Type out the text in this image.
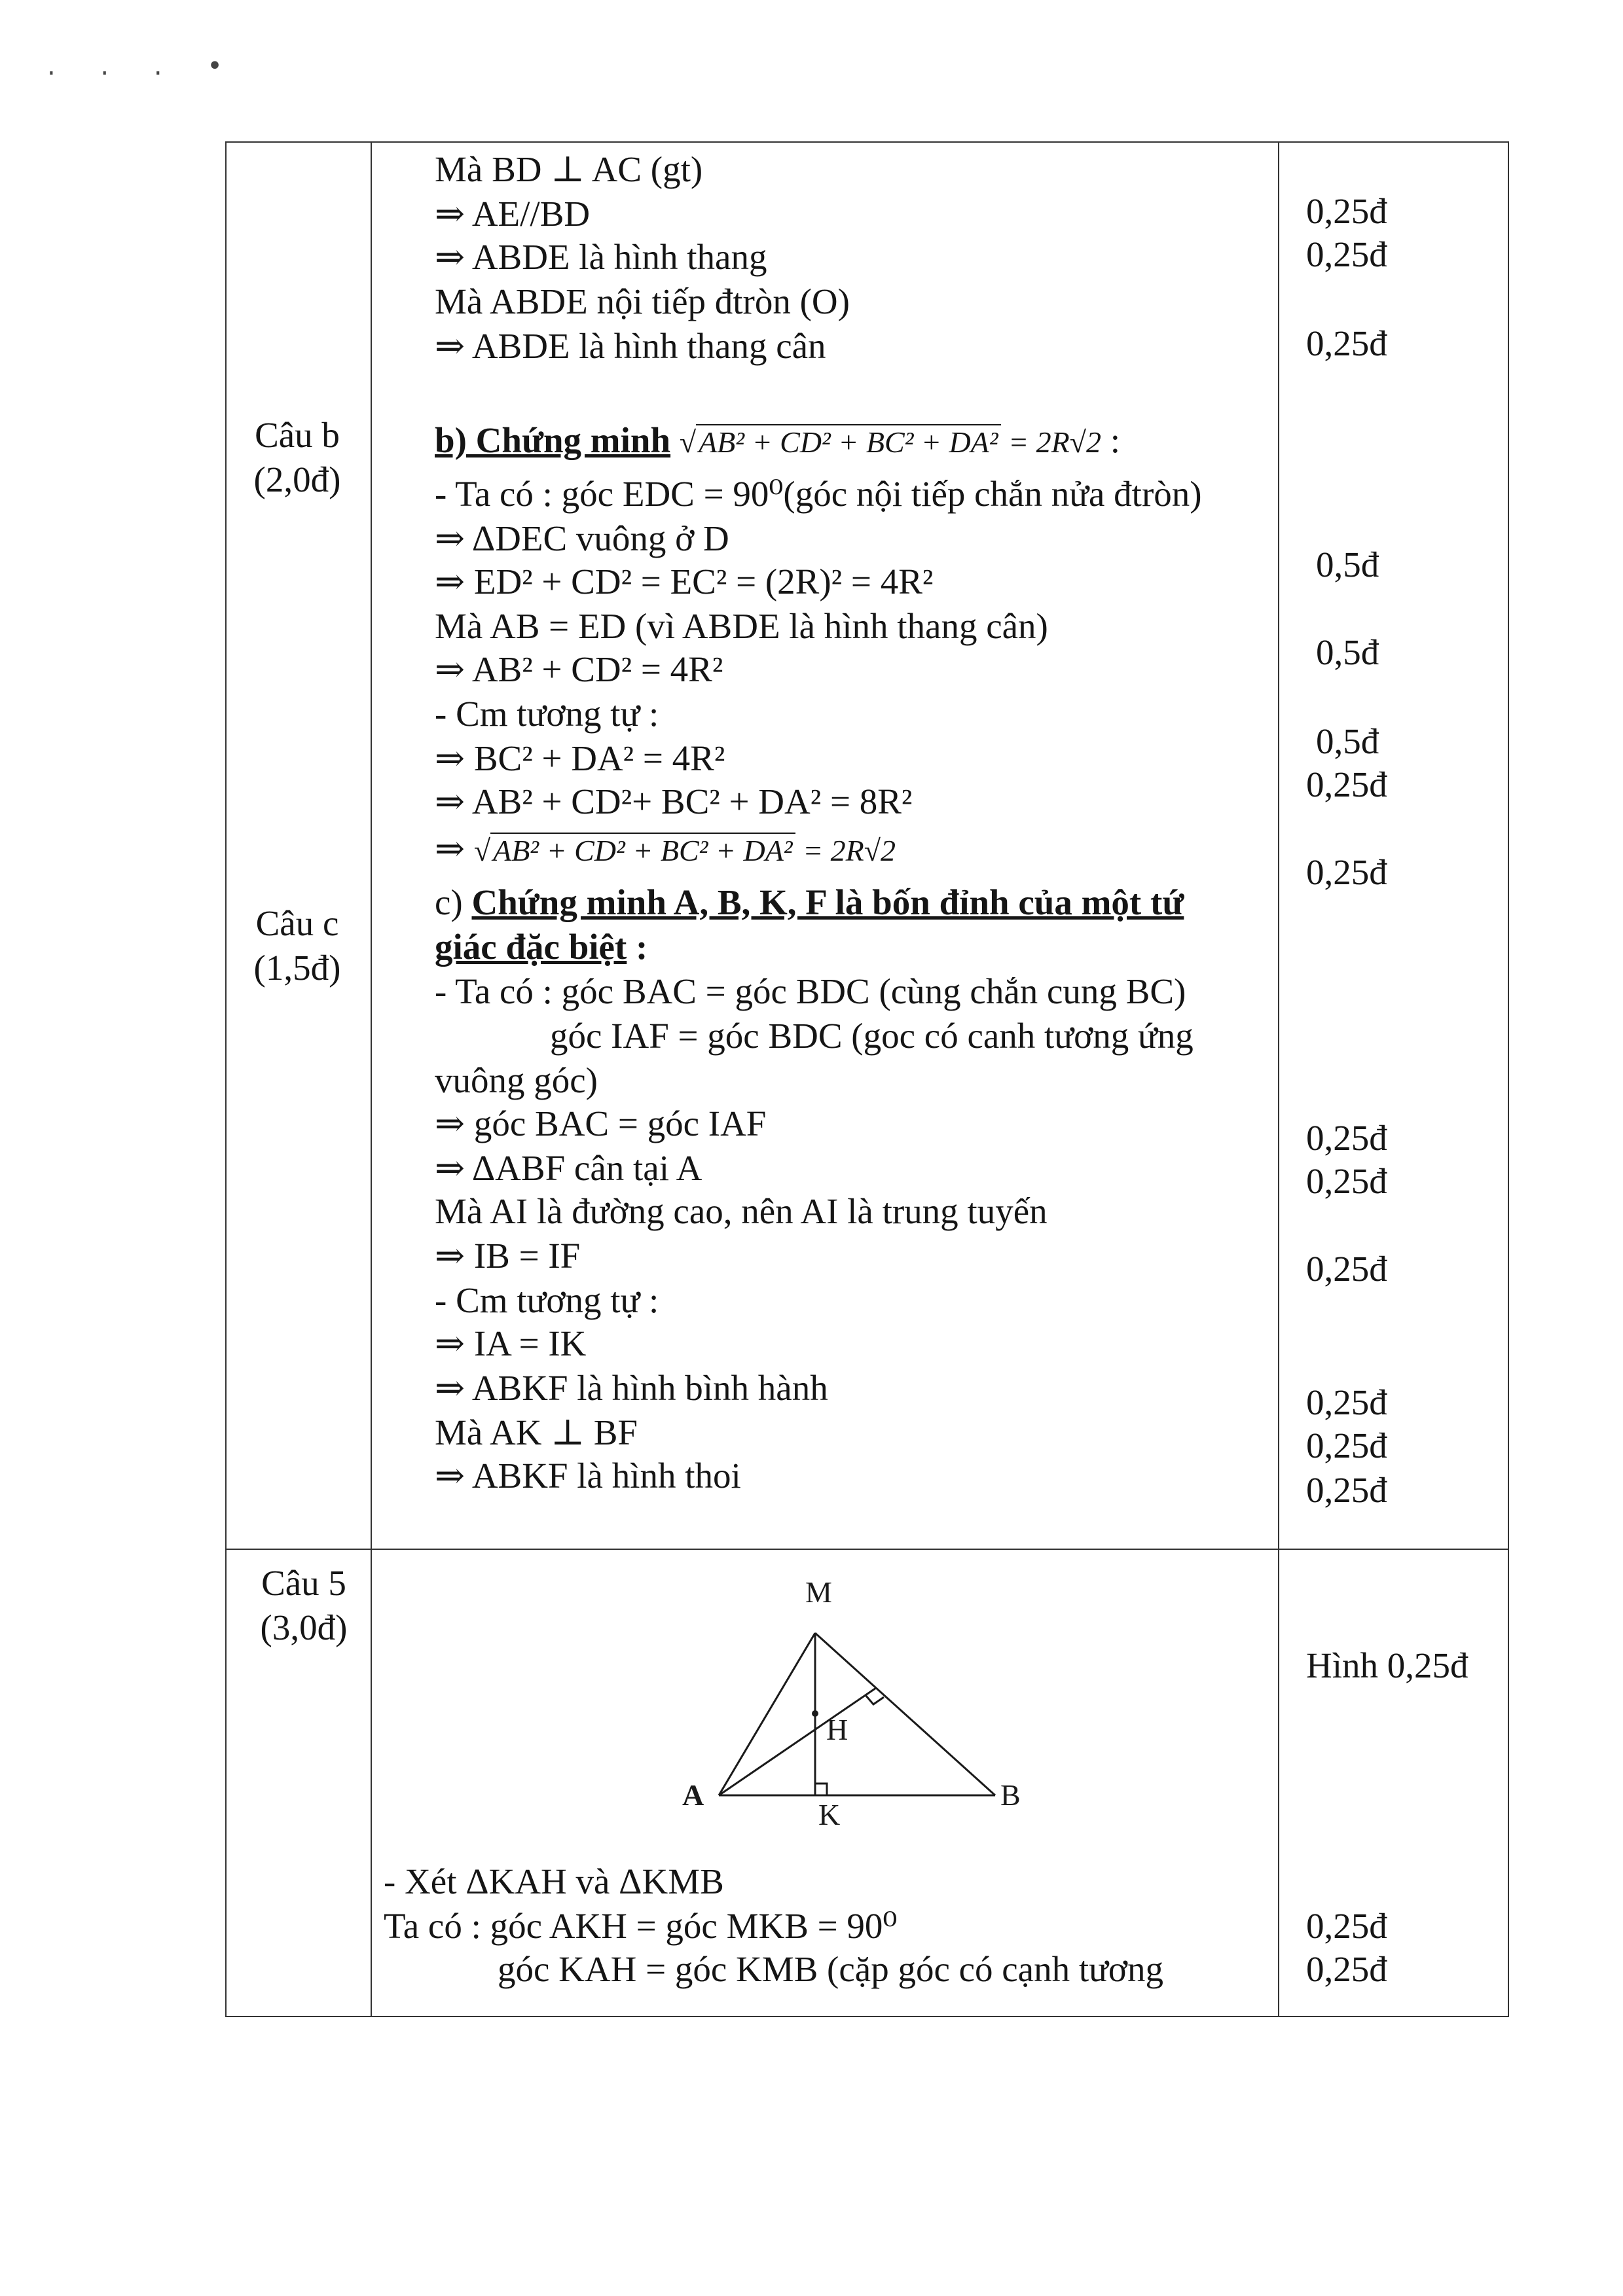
. . . •
Câu b
(2,0đ)
Câu c
(1,5đ)
Câu 5
(3,0đ)
Mà BD ⊥ AC (gt)
⇒ AE//BD
⇒ ABDE là hình thang
Mà ABDE nội tiếp đtròn (O)
⇒ ABDE là hình thang cân
b) Chứng minh √AB² + CD² + BC² + DA² = 2R√2 :
- Ta có : góc EDC = 90⁰(góc nội tiếp chắn nửa đtròn)
⇒ ΔDEC vuông ở D
⇒ ED² + CD² = EC² = (2R)² = 4R²
Mà AB = ED (vì ABDE là hình thang cân)
⇒ AB² + CD² = 4R²
- Cm tương tự :
⇒ BC² + DA² = 4R²
⇒ AB² + CD²+ BC² + DA² = 8R²
⇒ √AB² + CD² + BC² + DA² = 2R√2
c) Chứng minh A, B, K, F là bốn đỉnh của một tứ
giác đặc biệt :
- Ta có : góc BAC = góc BDC (cùng chắn cung BC)
góc IAF = góc BDC (goc có canh tương ứng
vuông góc)
⇒ góc BAC = góc IAF
⇒ ΔABF cân tại A
Mà AI là đường cao, nên AI là trung tuyến
⇒ IB = IF
- Cm tương tự :
⇒ IA = IK
⇒ ABKF là hình bình hành
Mà AK ⊥ BF
⇒ ABKF là hình thoi
0,25đ
0,25đ
0,25đ
0,5đ
0,5đ
0,5đ
0,25đ
0,25đ
0,25đ
0,25đ
0,25đ
0,25đ
0,25đ
0,25đ
Hình 0,25đ
0,25đ
0,25đ
M
H
A
K
B
- Xét ΔKAH và ΔKMB
Ta có : góc AKH = góc MKB = 90⁰
góc KAH = góc KMB (cặp góc có cạnh tương
